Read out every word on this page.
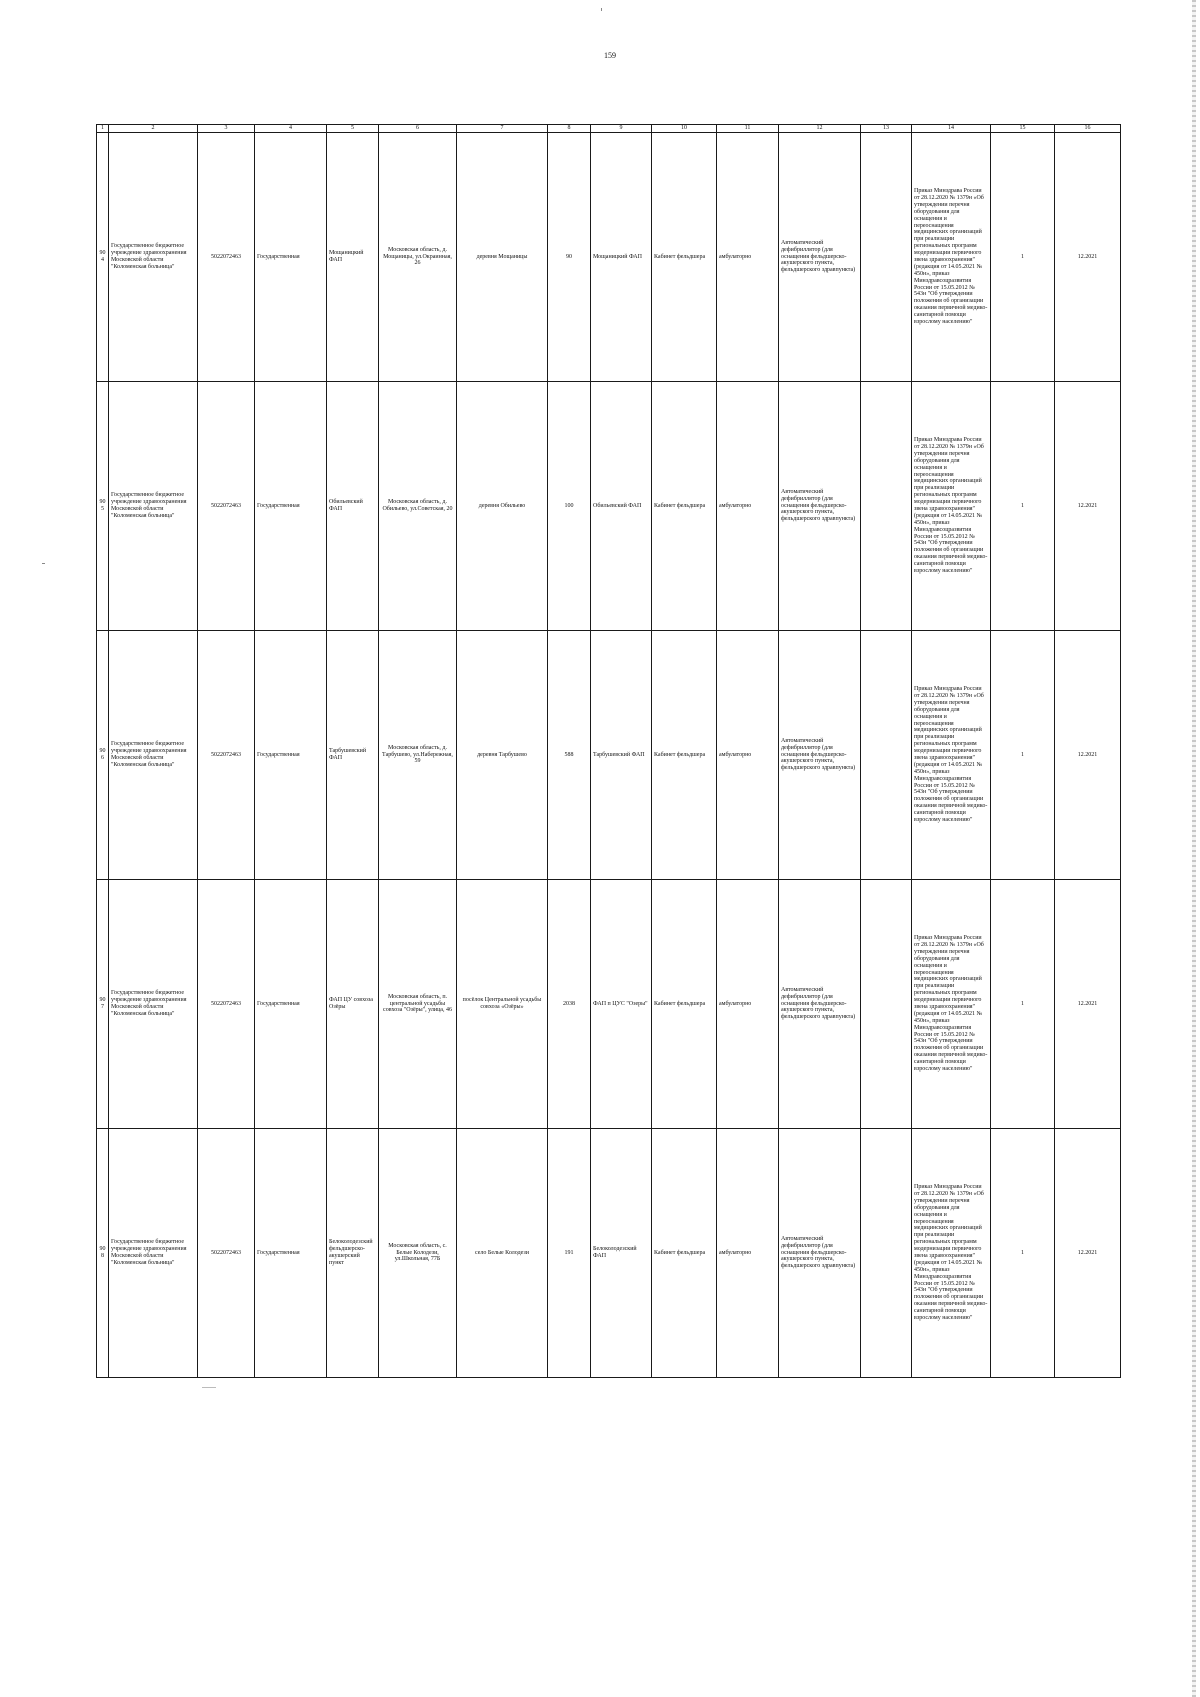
159
1	2	3	4	5	6	7	8	9	10	11	12	13	14	15	16
904	Государственное бюджетное учреждение здравоохранения Московской области "Коломенская больница"	5022072463	Государственная	Мощаницкий ФАП	Московская область, д. Мощаницы, ул.Окраинная, 26	деревня Мощаницы	90	Мощаницкий ФАП	Кабинет фельдшера	амбулаторно	Автоматический дефибриллятор (для оснащения фельдшерско-акушерского пункта, фельдшерского здравпункта)		Приказ Минздрава России от 28.12.2020 № 1379н «Об утверждении перечня оборудования для оснащения и переоснащения медицинских организаций при реализации региональных программ модернизации первичного звена здравоохранения"(редакция от 14.05.2021 № 450н», приказ Минздравсоцразвития России от 15.05.2012 № 543н "Об утверждении положения об организации оказания первичной медико-санитарной помощи взрослому населению"	1	12.2021
905	Государственное бюджетное учреждение здравоохранения Московской области "Коломенская больница"	5022072463	Государственная	Обильевский ФАП	Московская область, д. Обильево, ул.Советская, 20	деревня Обильево	100	Обильевский ФАП	Кабинет фельдшера	амбулаторно	Автоматический дефибриллятор (для оснащения фельдшерско-акушерского пункта, фельдшерского здравпункта)		Приказ Минздрава России от 28.12.2020 № 1379н «Об утверждении перечня оборудования для оснащения и переоснащения медицинских организаций при реализации региональных программ модернизации первичного звена здравоохранения"(редакция от 14.05.2021 № 450н», приказ Минздравсоцразвития России от 15.05.2012 № 543н "Об утверждении положения об организации оказания первичной медико-санитарной помощи взрослому населению"	1	12.2021
906	Государственное бюджетное учреждение здравоохранения Московской области "Коломенская больница"	5022072463	Государственная	Тарбушевский ФАП	Московская область, д. Тарбушево, ул.Набережная, 59	деревня Тарбушево	588	Тарбушевский ФАП	Кабинет фельдшера	амбулаторно	Автоматический дефибриллятор (для оснащения фельдшерско-акушерского пункта, фельдшерского здравпункта)		Приказ Минздрава России от 28.12.2020 № 1379н «Об утверждении перечня оборудования для оснащения и переоснащения медицинских организаций при реализации региональных программ модернизации первичного звена здравоохранения"(редакция от 14.05.2021 № 450н», приказ Минздравсоцразвития России от 15.05.2012 № 543н "Об утверждении положения об организации оказания первичной медико-санитарной помощи взрослому населению"	1	12.2021
907	Государственное бюджетное учреждение здравоохранения Московской области "Коломенская больница"	5022072463	Государственная	ФАП ЦУ совхоза Озёры	Московская область, п. центральной усадьбы совхоза "Озёры", улица, 46	посёлок Центральной усадьбы совхоза «Озёры»	2038	ФАП п ЦУС "Озеры"	Кабинет фельдшера	амбулаторно	Автоматический дефибриллятор (для оснащения фельдшерско-акушерского пункта, фельдшерского здравпункта)		Приказ Минздрава России от 28.12.2020 № 1379н «Об утверждении перечня оборудования для оснащения и переоснащения медицинских организаций при реализации региональных программ модернизации первичного звена здравоохранения"(редакция от 14.05.2021 № 450н», приказ Минздравсоцразвития России от 15.05.2012 № 543н "Об утверждении положения об организации оказания первичной медико-санитарной помощи взрослому населению"	1	12.2021
908	Государственное бюджетное учреждение здравоохранения Московской области "Коломенская больница"	5022072463	Государственная	Белоколодезский фельдшерско-акушерский пункт	Московская область, с. Белые Колодези, ул.Школьная, 77Б	село Белые Колодези	191	Белоколодезский ФАП	Кабинет фельдшера	амбулаторно	Автоматический дефибриллятор (для оснащения фельдшерско-акушерского пункта, фельдшерского здравпункта)		Приказ Минздрава России от 28.12.2020 № 1379н «Об утверждении перечня оборудования для оснащения и переоснащения медицинских организаций при реализации региональных программ модернизации первичного звена здравоохранения"(редакция от 14.05.2021 № 450н», приказ Минздравсоцразвития России от 15.05.2012 № 543н "Об утверждении положения об организации оказания первичной медико-санитарной помощи взрослому населению"	1	12.2021
